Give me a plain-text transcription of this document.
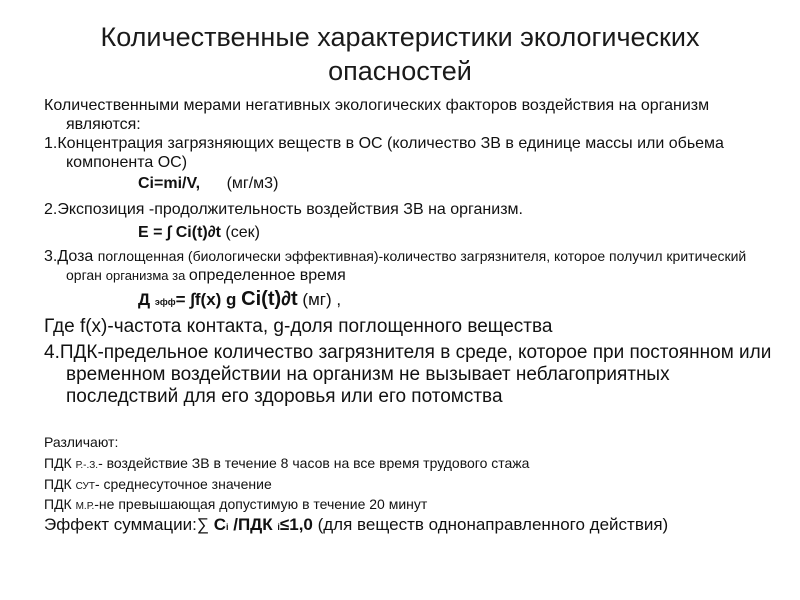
Количественные характеристики экологических опасностей
Количественными мерами негативных экологических факторов воздействия на организм являются:
1.Концентрация загрязняющих веществ в ОС (количество ЗВ в единице массы или обьема компонента ОС)
Ci=mi/V, (мг/м3)
2.Экспозиция -продолжительность воздействия ЗВ на организм.
E = ∫ Ci(t)∂t (сек)
3.Доза поглощенная (биологически эффективная)-количество загрязнителя, которое получил критический орган организма за определенное время
Д эфф= ∫f(x) g Ci(t)∂t (мг) ,
Где f(x)-частота контакта, g-доля поглощенного вещества
4.ПДК-предельное количество загрязнителя в среде, которое при постоянном или временном воздействии на организм не вызывает неблагоприятных последствий для его здоровья или его потомства
Различают:
ПДК Р.-.З.- воздействие ЗВ в течение 8 часов на все время трудового стажа
ПДК СУТ- среднесуточное значение
ПДК М.Р.-не превышающая допустимую в течение 20 минут
Эффект суммации:∑ Сi /ПДК i≤1,0 (для веществ однонаправленного действия)
